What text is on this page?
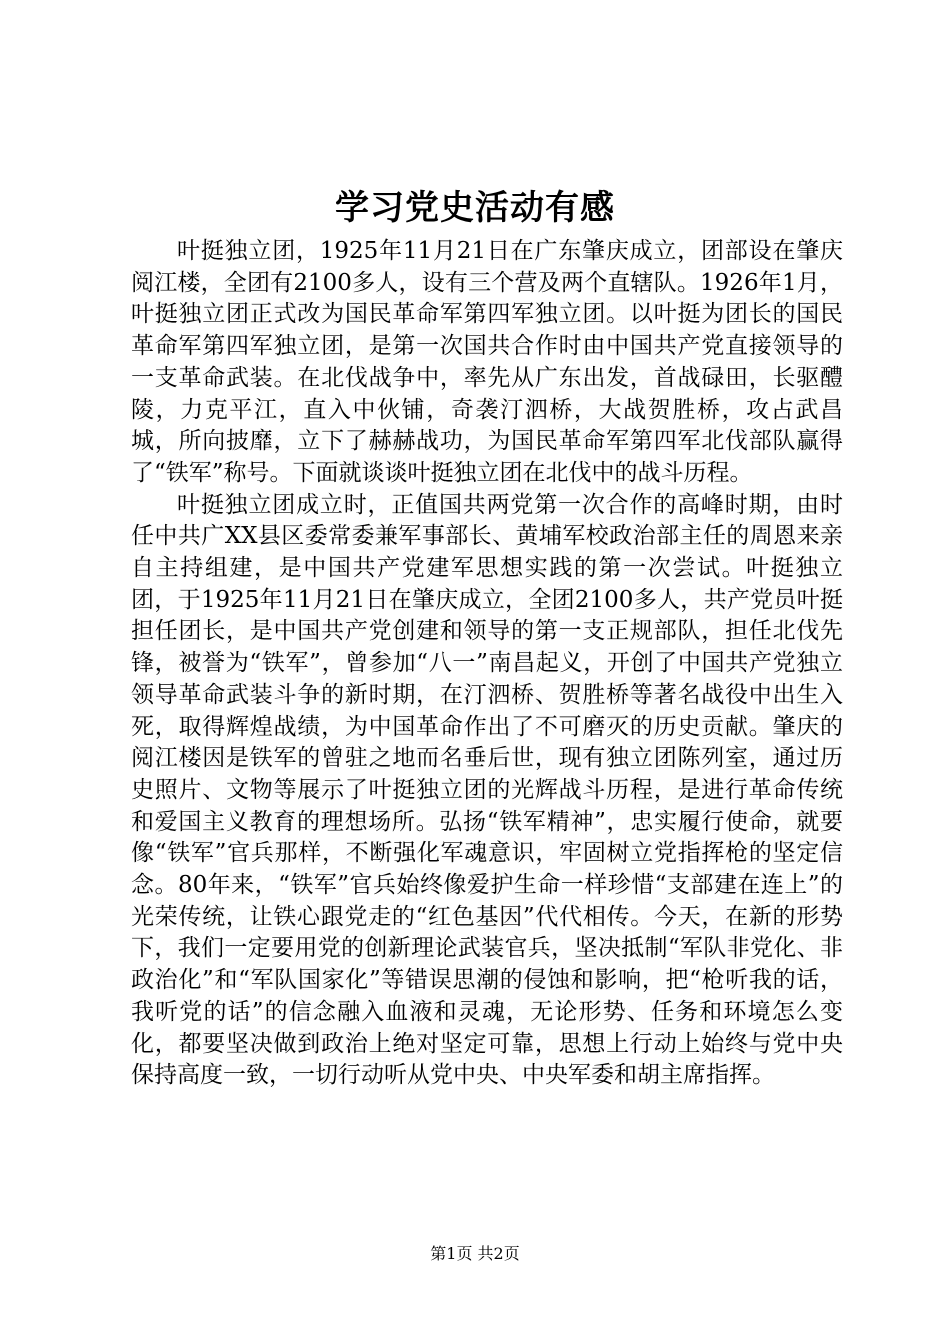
学习党史活动有感

叶挺独立团，1925年11月21日在广东肇庆成立，团部设在肇庆阅江楼，全团有2100多人，设有三个营及两个直辖队。1926年1月，叶挺独立团正式改为国民革命军第四军独立团。以叶挺为团长的国民革命军第四军独立团，是第一次国共合作时由中国共产党直接领导的一支革命武装。在北伐战争中，率先从广东出发，首战碌田，长驱醴陵，力克平江，直入中伙铺，奇袭汀泗桥，大战贺胜桥，攻占武昌城，所向披靡，立下了赫赫战功，为国民革命军第四军北伐部队赢得了“铁军”称号。下面就谈谈叶挺独立团在北伐中的战斗历程。

叶挺独立团成立时，正值国共两党第一次合作的高峰时期，由时任中共广XX县区委常委兼军事部长、黄埔军校政治部主任的周恩来亲自主持组建，是中国共产党建军思想实践的第一次尝试。叶挺独立团，于1925年11月21日在肇庆成立，全团2100多人，共产党员叶挺担任团长，是中国共产党创建和领导的第一支正规部队，担任北伐先锋，被誉为“铁军”，曾参加“八一”南昌起义，开创了中国共产党独立领导革命武装斗争的新时期，在汀泗桥、贺胜桥等著名战役中出生入死，取得辉煌战绩，为中国革命作出了不可磨灭的历史贡献。肇庆的阅江楼因是铁军的曾驻之地而名垂后世，现有独立团陈列室，通过历史照片、文物等展示了叶挺独立团的光辉战斗历程，是进行革命传统和爱国主义教育的理想场所。弘扬“铁军精神”，忠实履行使命，就要像“铁军”官兵那样，不断强化军魂意识，牢固树立党指挥枪的坚定信念。80年来，“铁军”官兵始终像爱护生命一样珍惜“支部建在连上”的光荣传统，让铁心跟党走的“红色基因”代代相传。今天，在新的形势下，我们一定要用党的创新理论武装官兵，坚决抵制“军队非党化、非政治化”和“军队国家化”等错误思潮的侵蚀和影响，把“枪听我的话，我听党的话”的信念融入血液和灵魂，无论形势、任务和环境怎么变化，都要坚决做到政治上绝对坚定可靠，思想上行动上始终与党中央保持高度一致，一切行动听从党中央、中央军委和胡主席指挥。

第1页 共2页
